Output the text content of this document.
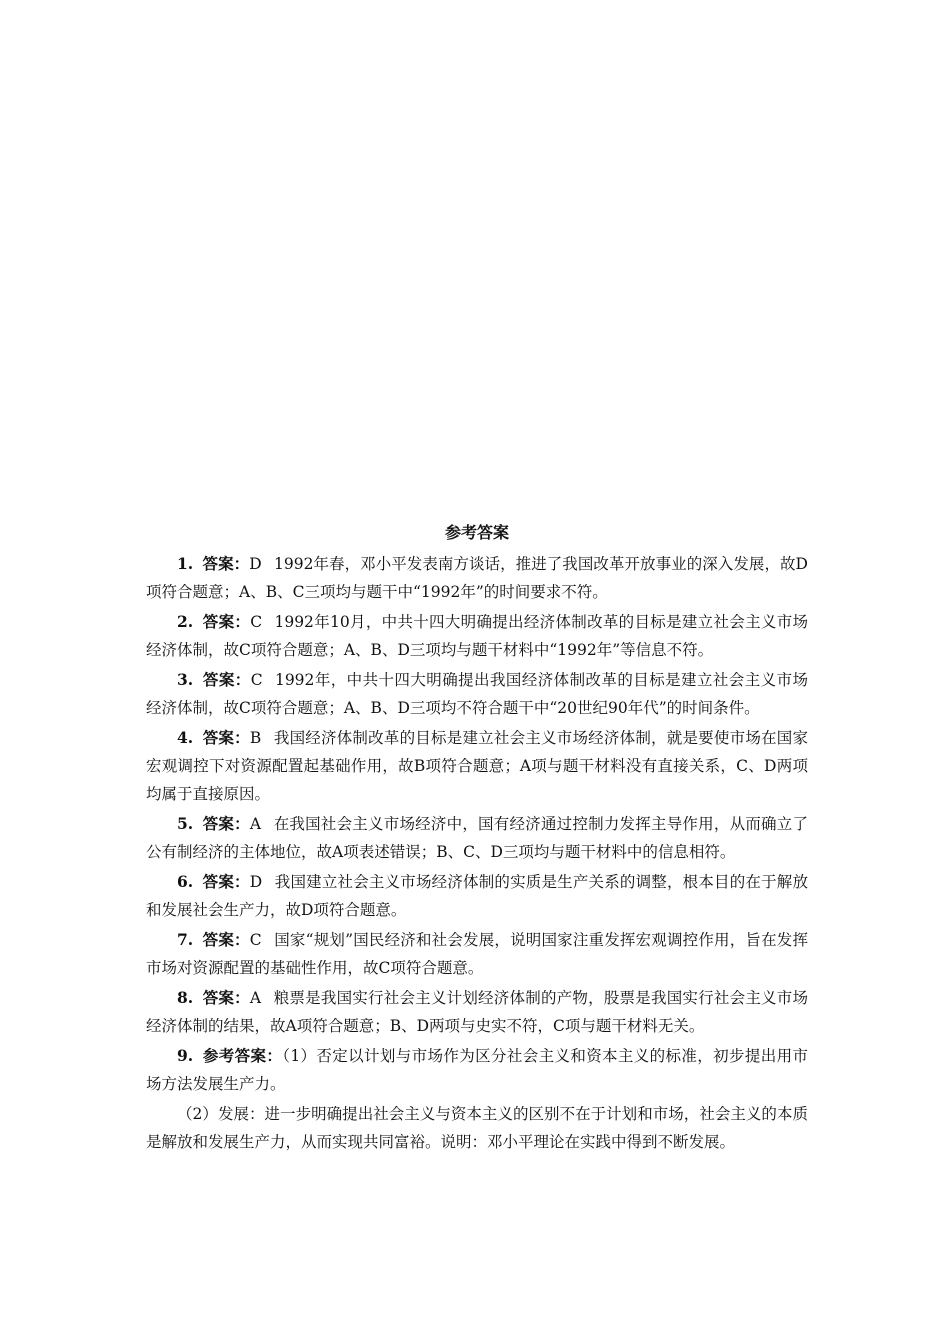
参考答案

1. 答案：D 1992年春，邓小平发表南方谈话，推进了我国改革开放事业的深入发展，故D项符合题意；A、B、C三项均与题干中“1992年”的时间要求不符。

2. 答案：C 1992年10月，中共十四大明确提出经济体制改革的目标是建立社会主义市场经济体制，故C项符合题意；A、B、D三项均与题干材料中“1992年”等信息不符。

3. 答案：C 1992年，中共十四大明确提出我国经济体制改革的目标是建立社会主义市场经济体制，故C项符合题意；A、B、D三项均不符合题干中“20世纪90年代”的时间条件。

4. 答案：B 我国经济体制改革的目标是建立社会主义市场经济体制，就是要使市场在国家宏观调控下对资源配置起基础作用，故B项符合题意；A项与题干材料没有直接关系，C、D两项均属于直接原因。

5. 答案：A 在我国社会主义市场经济中，国有经济通过控制力发挥主导作用，从而确立了公有制经济的主体地位，故A项表述错误；B、C、D三项均与题干材料中的信息相符。

6. 答案：D 我国建立社会主义市场经济体制的实质是生产关系的调整，根本目的在于解放和发展社会生产力，故D项符合题意。

7. 答案：C 国家“规划”国民经济和社会发展，说明国家注重发挥宏观调控作用，旨在发挥市场对资源配置的基础性作用，故C项符合题意。

8. 答案：A 粮票是我国实行社会主义计划经济体制的产物，股票是我国实行社会主义市场经济体制的结果，故A项符合题意；B、D两项与史实不符，C项与题干材料无关。

9. 参考答案：（1）否定以计划与市场作为区分社会主义和资本主义的标准，初步提出用市场方法发展生产力。

（2）发展：进一步明确提出社会主义与资本主义的区别不在于计划和市场，社会主义的本质是解放和发展生产力，从而实现共同富裕。说明：邓小平理论在实践中得到不断发展。
